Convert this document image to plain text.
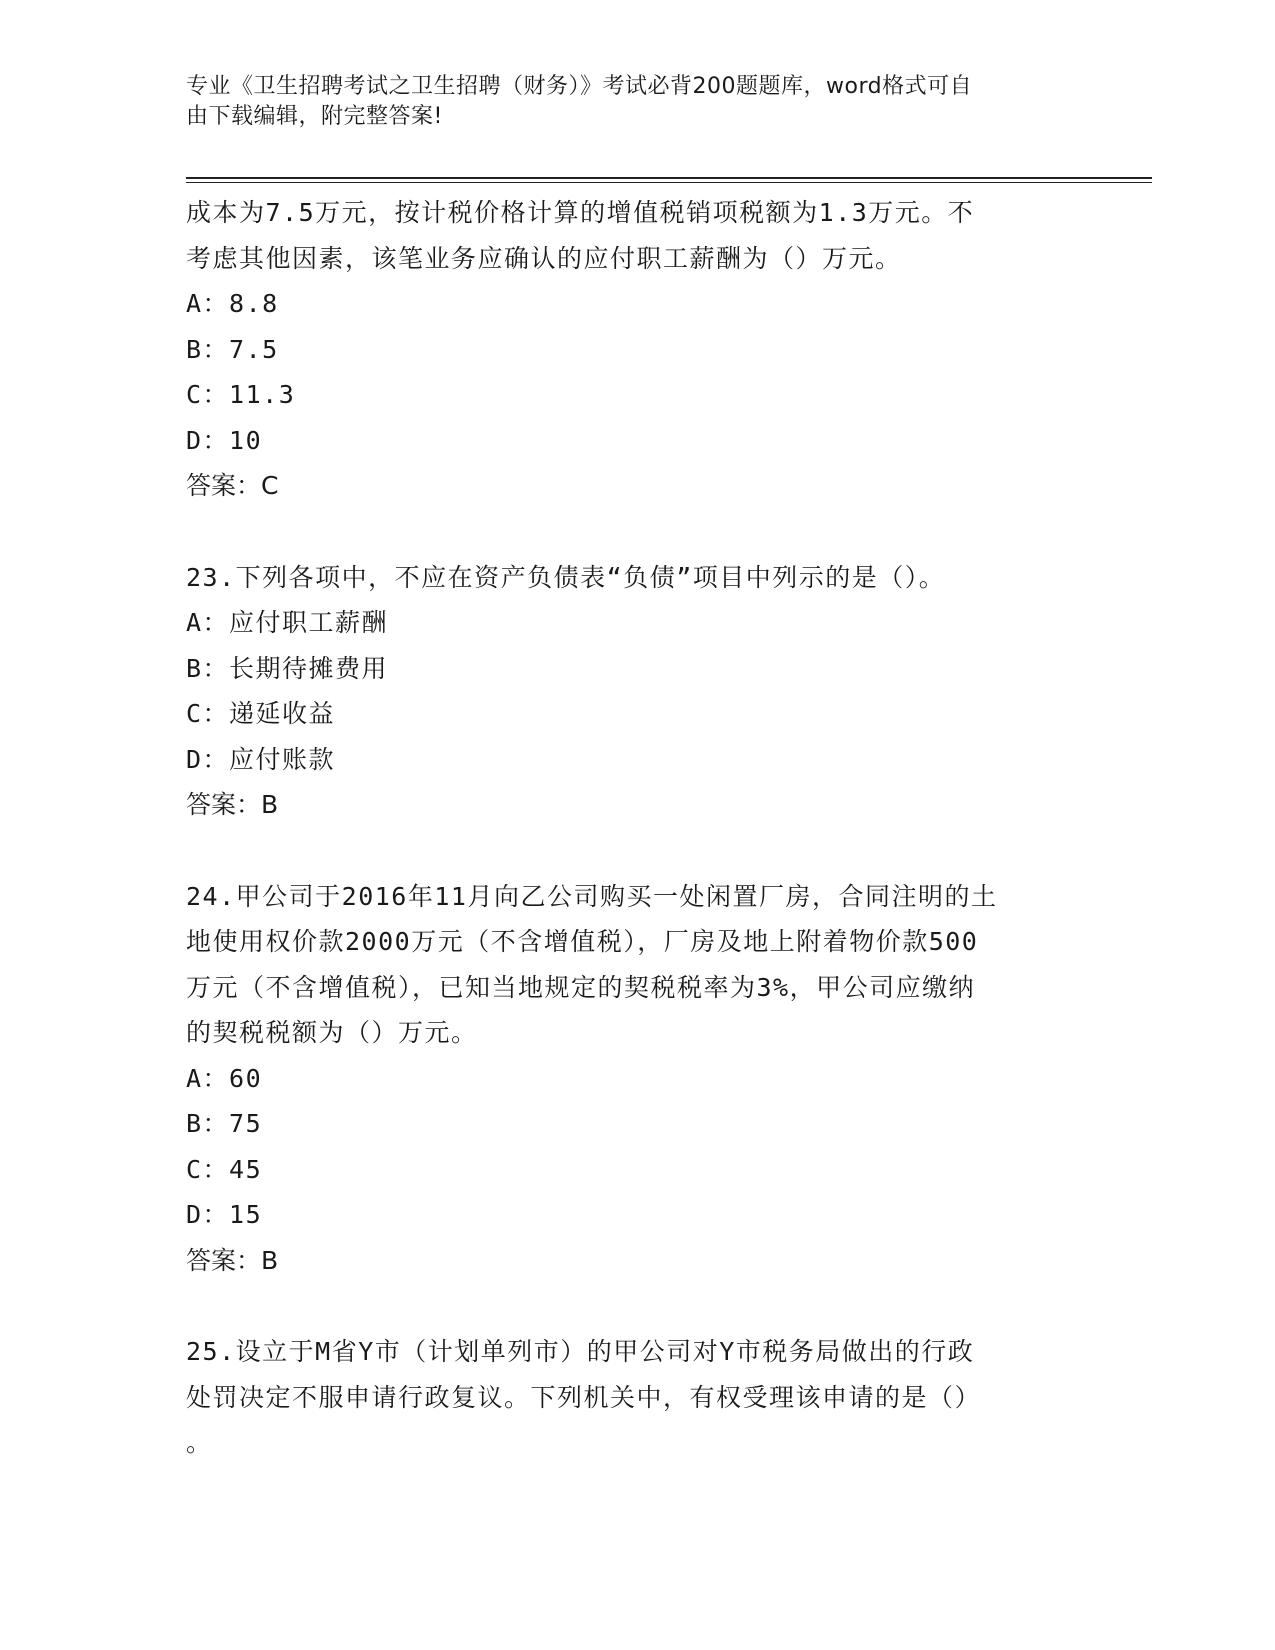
专业《卫生招聘考试之卫生招聘（财务）》考试必背200题题库，word格式可自
由下载编辑，附完整答案!
成本为7.5万元，按计税价格计算的增值税销项税额为1.3万元。不
考虑其他因素，该笔业务应确认的应付职工薪酬为（）万元。
A：8.8
B：7.5
C：11.3
D：10
答案：C
23.下列各项中，不应在资产负债表“负债”项目中列示的是（）。
A：应付职工薪酬
B：长期待摊费用
C：递延收益
D：应付账款
答案：B
24.甲公司于2016年11月向乙公司购买一处闲置厂房，合同注明的土
地使用权价款2000万元（不含增值税），厂房及地上附着物价款500
万元（不含增值税），已知当地规定的契税税率为3%，甲公司应缴纳
的契税税额为（）万元。
A：60
B：75
C：45
D：15
答案：B
25.设立于M省Y市（计划单列市）的甲公司对Y市税务局做出的行政
处罚决定不服申请行政复议。下列机关中，有权受理该申请的是（）
。
